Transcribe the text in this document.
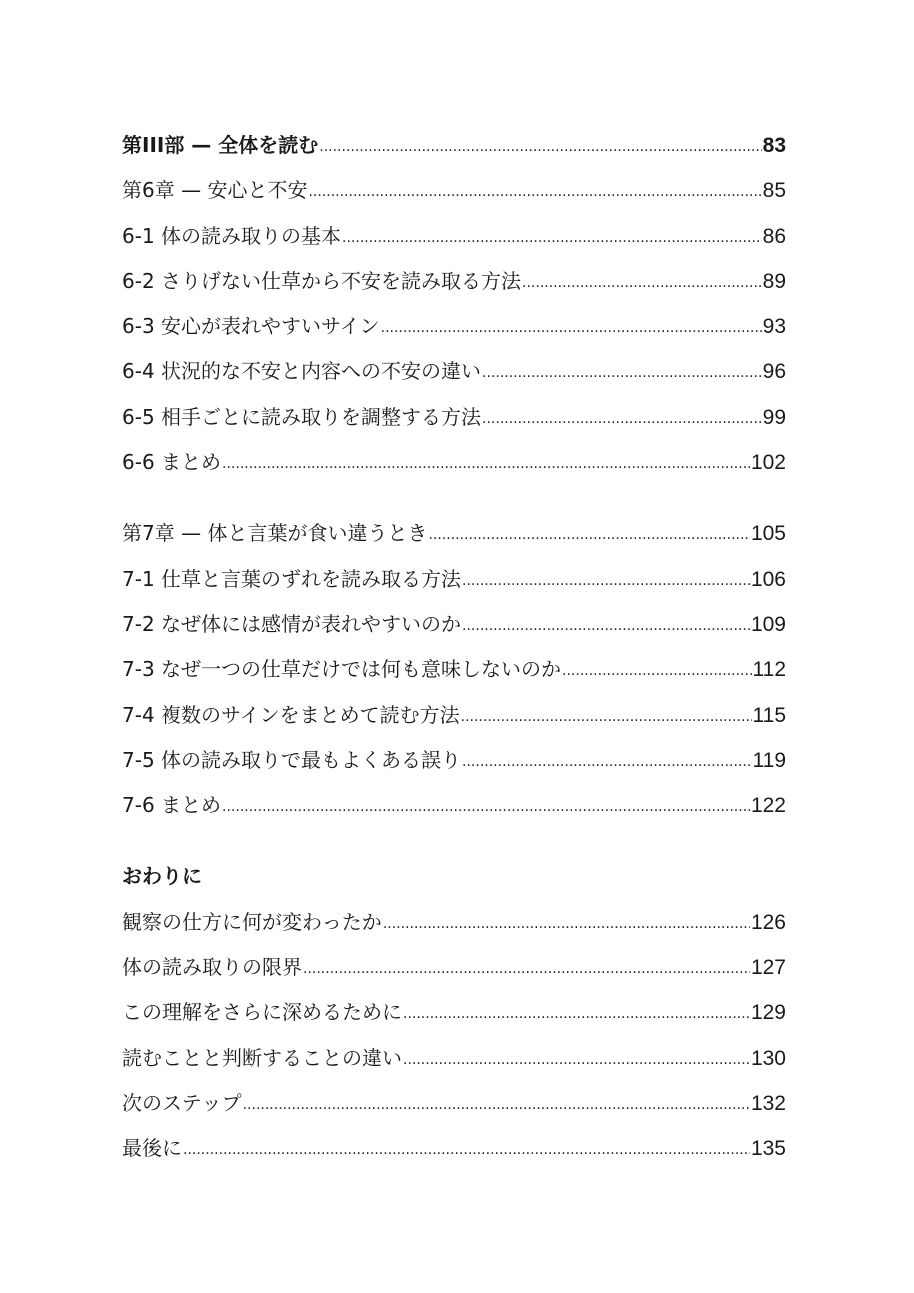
第III部 — 全体を読む .....	83
第6章 — 安心と不安 .....	85
6-1 体の読み取りの基本 .....	86
6-2 さりげない仕草から不安を読み取る方法 .....	89
6-3 安心が表れやすいサイン .....	93
6-4 状況的な不安と内容への不安の違い .....	96
6-5 相手ごとに読み取りを調整する方法 .....	99
6-6 まとめ .....	102
第7章 — 体と言葉が食い違うとき .....	105
7-1 仕草と言葉のずれを読み取る方法 .....	106
7-2 なぜ体には感情が表れやすいのか .....	109
7-3 なぜ一つの仕草だけでは何も意味しないのか .....	112
7-4 複数のサインをまとめて読む方法 .....	115
7-5 体の読み取りで最もよくある誤り .....	119
7-6 まとめ .....	122
おわりに
観察の仕方に何が変わったか .....	126
体の読み取りの限界 .....	127
この理解をさらに深めるために .....	129
読むことと判断することの違い .....	130
次のステップ .....	132
最後に .....	135
